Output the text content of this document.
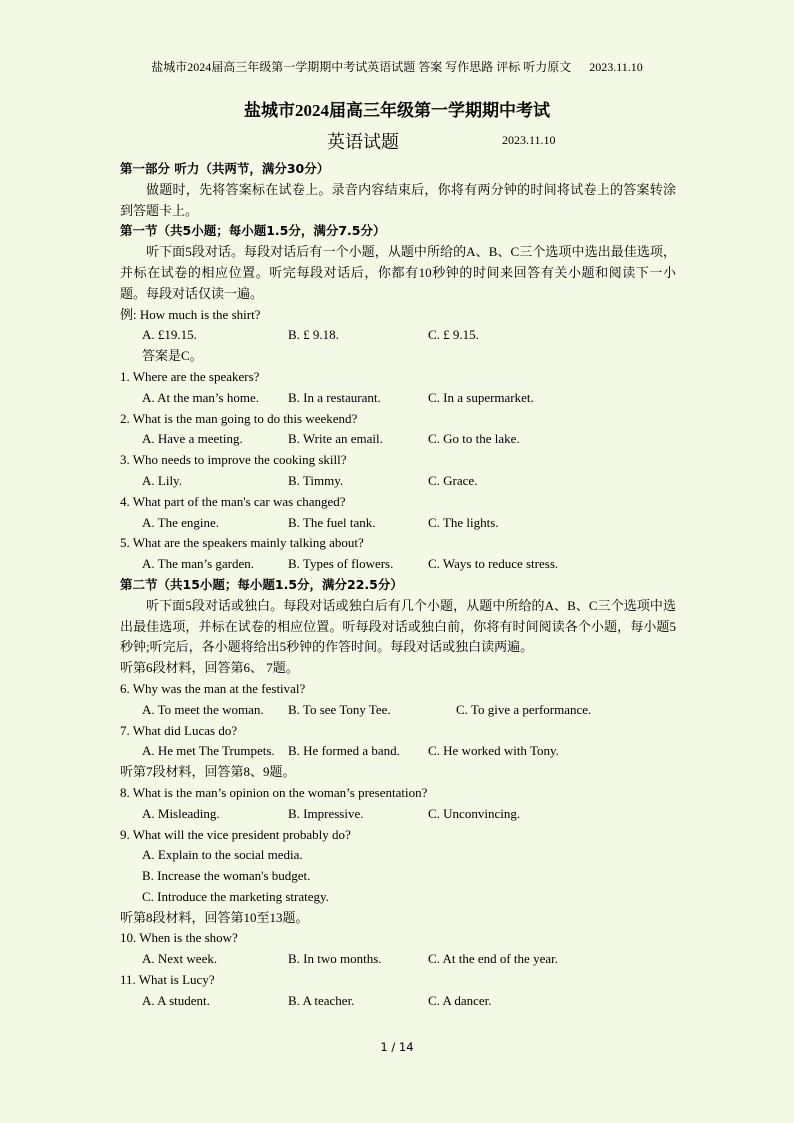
盐城市2024届高三年级第一学期期中考试英语试题 答案 写作思路 评标 听力原文      2023.11.10
盐城市2024届高三年级第一学期期中考试
英语试题	2023.11.10
第一部分 听力（共两节，满分30分）
做题时，先将答案标在试卷上。录音内容结束后，你将有两分钟的时间将试卷上的答案转涂到答题卡上。
第一节（共5小题；每小题1.5分，满分7.5分）
听下面5段对话。每段对话后有一个小题，从题中所给的A、B、C三个选项中选出最佳选项，并标在试卷的相应位置。听完每段对话后，你都有10秒钟的时间来回答有关小题和阅读下一小题。每段对话仅读一遍。
例: How much is the shirt?
A. £19.15.	B. £ 9.18.	C. £ 9.15.
答案是C。
1. Where are the speakers?
A. At the man’s home. B. In a restaurant.	C. In a supermarket.
2. What is the man going to do this weekend?
A. Have a meeting.	B. Write an email.	C. Go to the lake.
3. Who needs to improve the cooking skill?
A. Lily.	B. Timmy.	C. Grace.
4. What part of the man's car was changed?
A. The engine.	B. The fuel tank.	C. The lights.
5. What are the speakers mainly talking about?
A. The man’s garden.	B. Types of flowers.	C. Ways to reduce stress.
第二节（共15小题；每小题1.5分，满分22.5分）
听下面5段对话或独白。每段对话或独白后有几个小题，从题中所给的A、B、C三个选项中选出最佳选项，并标在试卷的相应位置。听每段对话或独白前，你将有时间阅读各个小题，每小题5秒钟;听完后，各小题将给出5秒钟的作答时间。每段对话或独白读两遍。
听第6段材料，回答第6、 7题。
6. Why was the man at the festival?
A. To meet the woman. B. To see Tony Tee.	C. To give a performance.
7. What did Lucas do?
A. He met The Trumpets. B. He formed a band. C. He worked with Tony.
听第7段材料，回答第8、9题。
8. What is the man’s opinion on the woman’s presentation?
A. Misleading.	B. Impressive.	C. Unconvincing.
9. What will the vice president probably do?
A. Explain to the social media.
B. Increase the woman's budget.
C. Introduce the marketing strategy.
听第8段材料，回答第10至13题。
10. When is the show?
A. Next week.	B. In two months.	C. At the end of the year.
11. What is Lucy?
A. A student.	B. A teacher.	C. A dancer.
1 / 14
